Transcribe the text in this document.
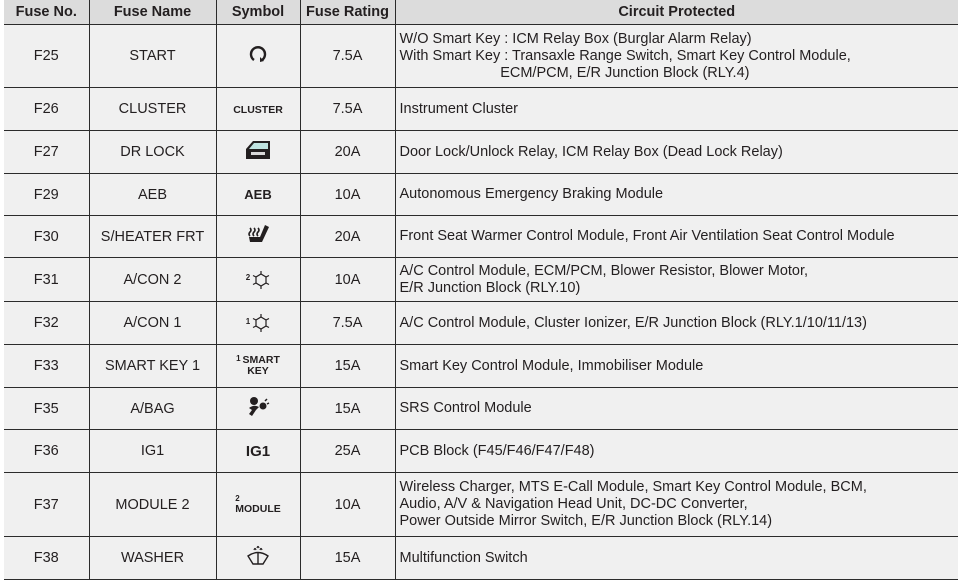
Fuse No.	Fuse Name	Symbol	Fuse Rating	Circuit Protected
F25	START		7.5A	W/O Smart Key : ICM Relay Box (Burglar Alarm Relay)
With Smart Key : Transaxle Range Switch, Smart Key Control Module,
ECM/PCM, E/R Junction Block (RLY.4)

F26	CLUSTER	CLUSTER	7.5A	Instrument Cluster

F27	DR LOCK		20A	Door Lock/Unlock Relay, ICM Relay Box (Dead Lock Relay)

F29	AEB	AEB	10A	Autonomous Emergency Braking Module

F30	S/HEATER FRT		20A	Front Seat Warmer Control Module, Front Air Ventilation Seat Control Module

F31	A/CON 2	2	10A	A/C Control Module, ECM/PCM, Blower Resistor, Blower Motor,
E/R Junction Block (RLY.10)

F32	A/CON 1	1	7.5A	A/C Control Module, Cluster Ionizer, E/R Junction Block (RLY.1/10/11/13)

F33	SMART KEY 1	$^1$ SMART
KEY	15A	Smart Key Control Module, Immobiliser Module

F35	A/BAG		15A	SRS Control Module

F36	IG1	IG1	25A	PCB Block (F45/F46/F47/F48)

F37	MODULE 2	$^2$
MODULE	10A	Wireless Charger, MTS E-Call Module, Smart Key Control Module, BCM,
Audio, A/V & Navigation Head Unit, DC-DC Converter,
Power Outside Mirror Switch, E/R Junction Block (RLY.14)

F38	WASHER		15A	Multifunction Switch
